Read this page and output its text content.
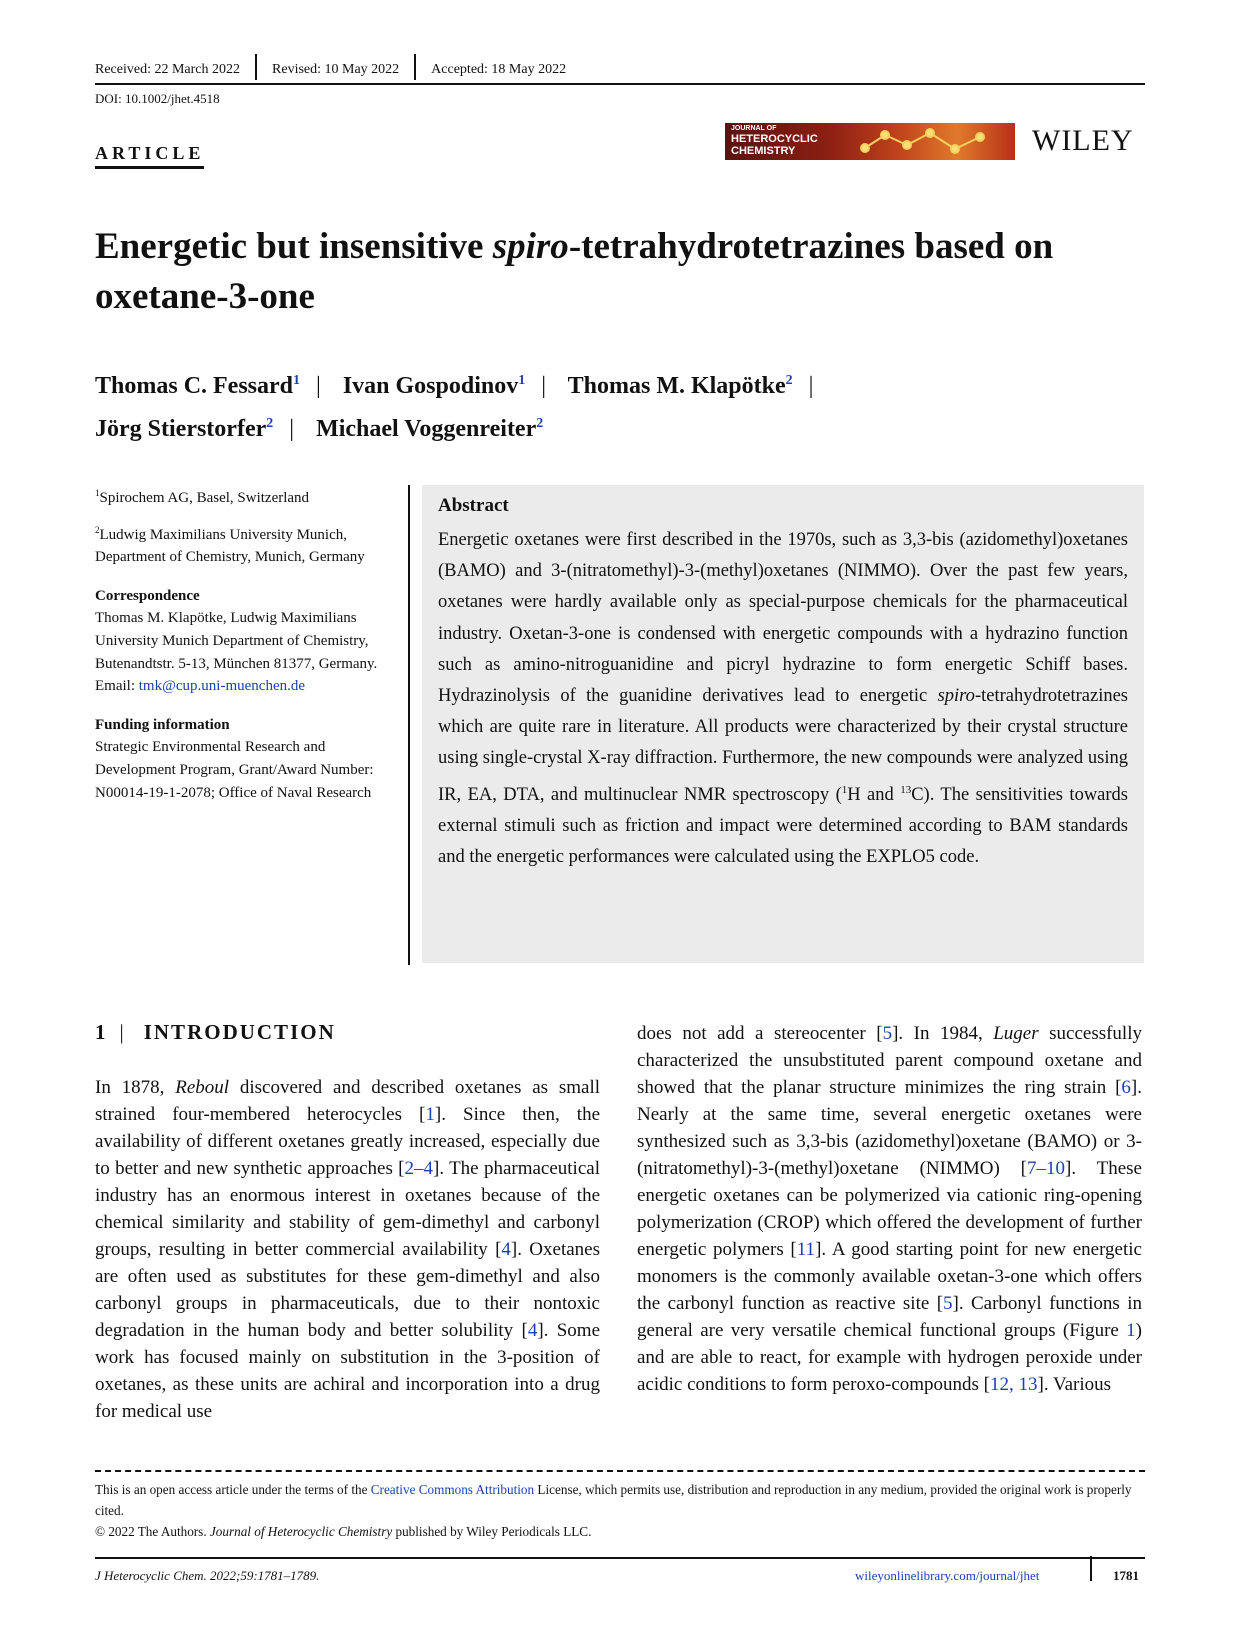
Received: 22 March 2022	Revised: 10 May 2022	Accepted: 18 May 2022
DOI: 10.1002/jhet.4518
ARTICLE
JOURNAL OF
HETEROCYCLIC
CHEMISTRY	WILEY
Energetic but insensitive spiro-tetrahydrotetrazines based on oxetane-3-one
Thomas C. Fessard$^1$ | Ivan Gospodinov$^1$ | Thomas M. Klapötke$^2$ |
Jörg Stierstorfer$^2$ | Michael Voggenreiter$^2$

$^1$Spirochem AG, Basel, Switzerland

$^2$Ludwig Maximilians University Munich, Department of Chemistry, Munich, Germany

Correspondence

Thomas M. Klapötke, Ludwig Maximilians University Munich Department of Chemistry, Butenandtstr. 5-13, München 81377, Germany.
Email: tmk@cup.uni-muenchen.de

Funding information

Strategic Environmental Research and Development Program, Grant/Award Number: N00014-19-1-2078; Office of Naval Research

Abstract
Energetic oxetanes were first described in the 1970s, such as 3,3-bis (azidomethyl)oxetanes (BAMO) and 3-(nitratomethyl)-3-(methyl)oxetanes (NIMMO). Over the past few years, oxetanes were hardly available only as special-purpose chemicals for the pharmaceutical industry. Oxetan-3-one is condensed with energetic compounds with a hydrazino function such as amino-nitroguanidine and picryl hydrazine to form energetic Schiff bases. Hydrazinolysis of the guanidine derivatives lead to energetic spiro-tetrahydrotetrazines which are quite rare in literature. All products were characterized by their crystal structure using single-crystal X-ray diffraction. Furthermore, the new compounds were analyzed using IR, EA, DTA, and multinuclear NMR spectroscopy ($^1$H and $^{13}$C). The sensitivities towards external stimuli such as friction and impact were determined according to BAM standards and the energetic performances were calculated using the EXPLO5 code.
1 | INTRODUCTION
In 1878, Reboul discovered and described oxetanes as small strained four-membered heterocycles [1]. Since then, the availability of different oxetanes greatly increased, especially due to better and new synthetic approaches [2–4]. The pharmaceutical industry has an enormous interest in oxetanes because of the chemical similarity and stability of gem-dimethyl and carbonyl groups, resulting in better commercial availability [4]. Oxetanes are often used as substitutes for these gem-dimethyl and also carbonyl groups in pharmaceuticals, due to their nontoxic degradation in the human body and better solubility [4]. Some work has focused mainly on substitution in the 3-position of oxetanes, as these units are achiral and incorporation into a drug for medical use
does not add a stereocenter [5]. In 1984, Luger successfully characterized the unsubstituted parent compound oxetane and showed that the planar structure minimizes the ring strain [6]. Nearly at the same time, several energetic oxetanes were synthesized such as 3,3-bis (azidomethyl)oxetane (BAMO) or 3-(nitratomethyl)-3-(methyl)oxetane (NIMMO) [7–10]. These energetic oxetanes can be polymerized via cationic ring-opening polymerization (CROP) which offered the development of further energetic polymers [11]. A good starting point for new energetic monomers is the commonly available oxetan-3-one which offers the carbonyl function as reactive site [5]. Carbonyl functions in general are very versatile chemical functional groups (Figure 1) and are able to react, for example with hydrogen peroxide under acidic conditions to form peroxo-compounds [12, 13]. Various

This is an open access article under the terms of the Creative Commons Attribution License, which permits use, distribution and reproduction in any medium, provided the original work is properly cited.

© 2022 The Authors. Journal of Heterocyclic Chemistry published by Wiley Periodicals LLC.

J Heterocyclic Chem. 2022;59:1781–1789.	wileyonlinelibrary.com/journal/jhet	1781
